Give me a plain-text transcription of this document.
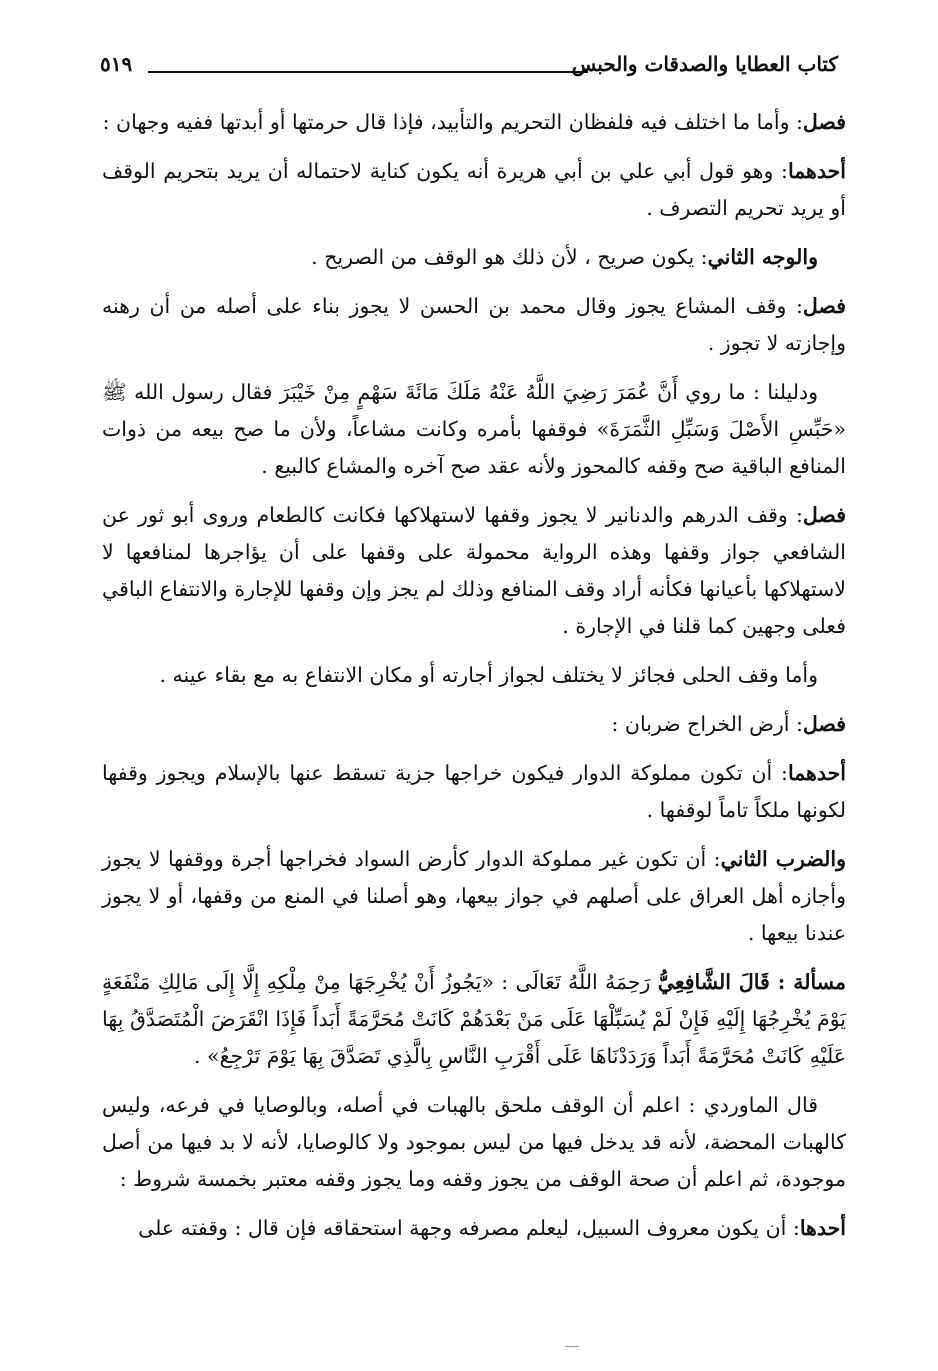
كتاب العطايا والصدقات والحبس
٥١٩

فصل: وأما ما اختلف فيه فلفظان التحريم والتأبيد، فإذا قال حرمتها أو أبدتها ففيه وجهان :

أحدهما: وهو قول أبي علي بن أبي هريرة أنه يكون كناية لاحتماله أن يريد بتحريم الوقف أو يريد تحريم التصرف .

والوجه الثاني: يكون صريح ، لأن ذلك هو الوقف من الصريح .

فصل: وقف المشاع يجوز وقال محمد بن الحسن لا يجوز بناء على أصله من أن رهنه وإجازته لا تجوز .

ودليلنا : ما روي أَنَّ عُمَرَ رَضِيَ اللَّهُ عَنْهُ مَلَكَ مَائَةَ سَهْمٍ مِنْ خَيْبَرَ فقال رسول الله ﷺ «حَبِّسِ الأَصْلَ وَسَبِّلِ الثَّمَرَةَ» فوقفها بأمره وكانت مشاعاً، ولأن ما صح بيعه من ذوات المنافع الباقية صح وقفه كالمحوز ولأنه عقد صح آخره والمشاع كالبيع .

فصل: وقف الدرهم والدنانير لا يجوز وقفها لاستهلاكها فكانت كالطعام وروى أبو ثور عن الشافعي جواز وقفها وهذه الرواية محمولة على وقفها على أن يؤاجرها لمنافعها لا لاستهلاكها بأعيانها فكأنه أراد وقف المنافع وذلك لم يجز وإن وقفها للإجارة والانتفاع الباقي فعلى وجهين كما قلنا في الإجارة .

وأما وقف الحلى فجائز لا يختلف لجواز أجارته أو مكان الانتفاع به مع بقاء عينه .

فصل: أرض الخراج ضربان :

أحدهما: أن تكون مملوكة الدوار فيكون خراجها جزية تسقط عنها بالإسلام ويجوز وقفها لكونها ملكاً تاماً لوقفها .

والضرب الثاني: أن تكون غير مملوكة الدوار كأرض السواد فخراجها أجرة ووقفها لا يجوز وأجازه أهل العراق على أصلهم في جواز بيعها، وهو أصلنا في المنع من وقفها، أو لا يجوز عندنا بيعها .

مسألة : قَالَ الشَّافِعِيُّ رَحِمَهُ اللَّهُ تَعَالَى : «يَجُوزُ أَنْ يُخْرِجَهَا مِنْ مِلْكِهِ إِلَّا إِلَى مَالِكِ مَنْفَعَةٍ يَوْمَ يُخْرِجُهَا إِلَيْهِ فَإِنْ لَمْ يُسَبِّلْهَا عَلَى مَنْ بَعْدَهُمْ كَانَتْ مُحَرَّمَةً أَبَداً فَإِذَا انْقَرَضَ الْمُتَصَدَّقُ بِهَا عَلَيْهِ كَانَتْ مُحَرَّمَةً أَبَداً وَرَدَدْنَاهَا عَلَى أَقْرَبِ النَّاسِ بِالَّذِي تَصَدَّقَ بِهَا يَوْمَ تَرْجِعُ» .

قال الماوردي : اعلم أن الوقف ملحق بالهبات في أصله، وبالوصايا في فرعه، وليس كالهبات المحضة، لأنه قد يدخل فيها من ليس بموجود ولا كالوصايا، لأنه لا بد فيها من أصل موجودة، ثم اعلم أن صحة الوقف من يجوز وقفه وما يجوز وقفه معتبر بخمسة شروط :

أحدها: أن يكون معروف السبيل، ليعلم مصرفه وجهة استحقاقه فإن قال : وقفته على
